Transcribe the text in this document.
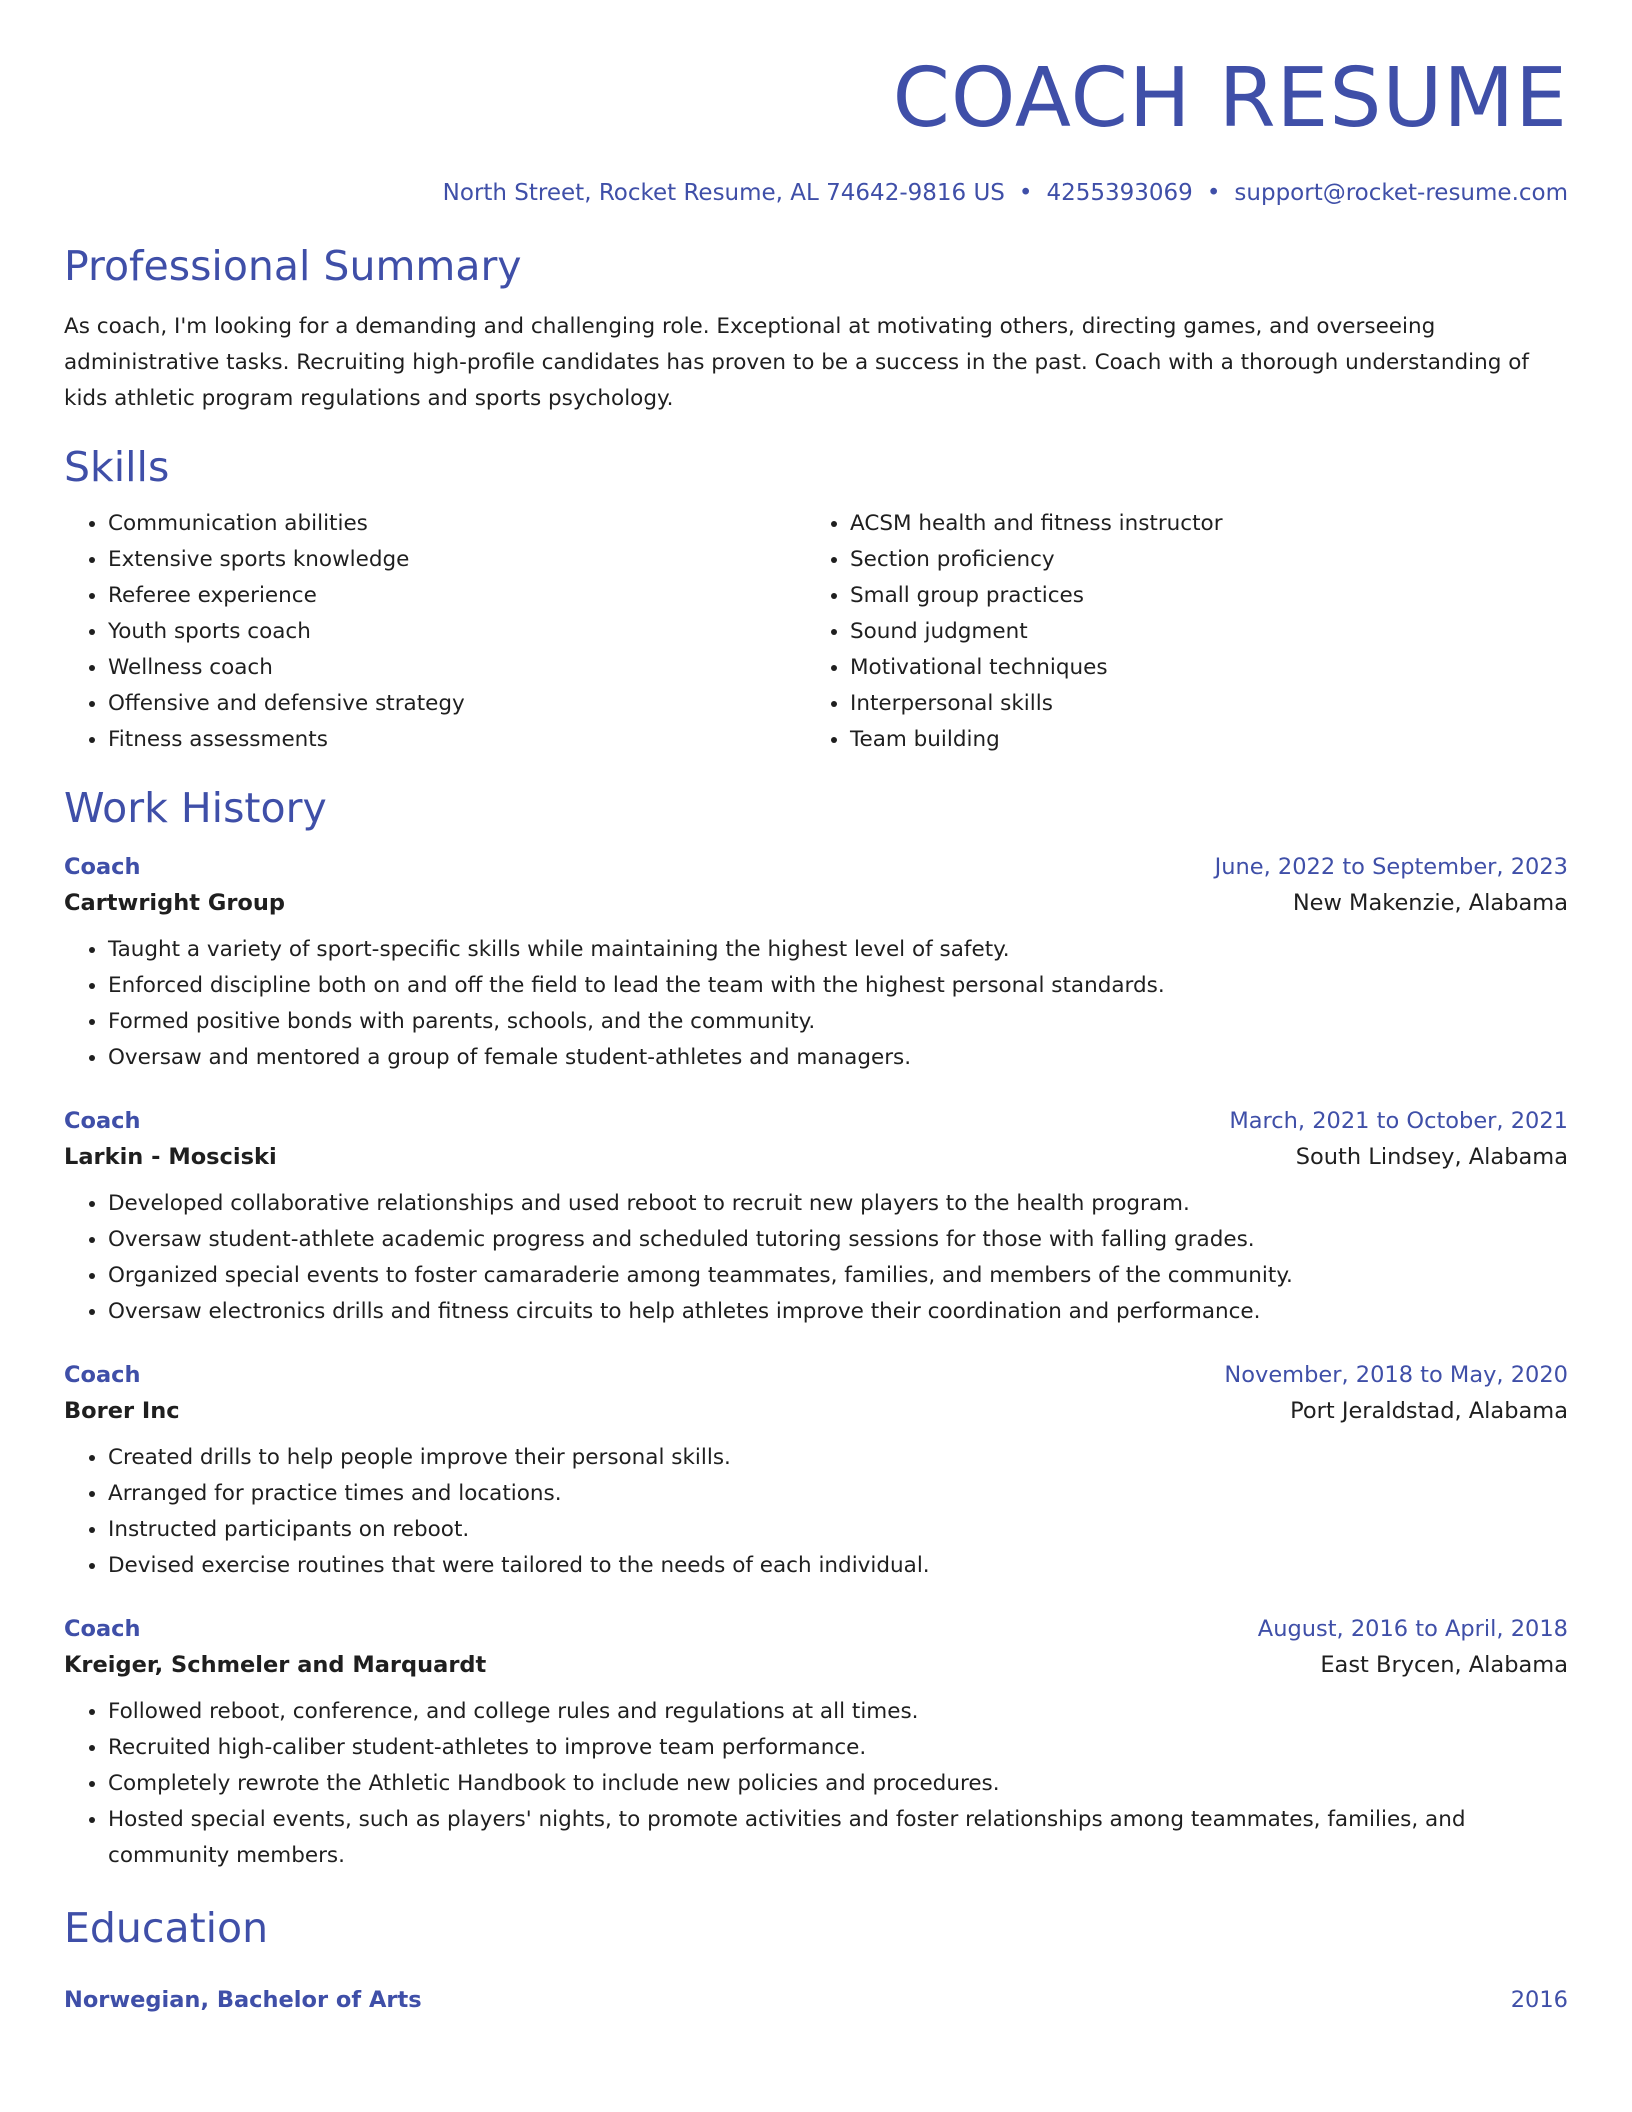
COACH RESUME
North Street, Rocket Resume, AL 74642-9816 US • 4255393069 • support@rocket-resume.com
Professional Summary

As coach, I'm looking for a demanding and challenging role. Exceptional at motivating others, directing games, and overseeing administrative tasks. Recruiting high-profile candidates has proven to be a success in the past. Coach with a thorough understanding of kids athletic program regulations and sports psychology.

Skills
• Communication abilities
• Extensive sports knowledge
• Referee experience
• Youth sports coach
• Wellness coach
• Offensive and defensive strategy
• Fitness assessments
• ACSM health and fitness instructor
• Section proficiency
• Small group practices
• Sound judgment
• Motivational techniques
• Interpersonal skills
• Team building
Work History
Coach	June, 2022 to September, 2023
Cartwright Group	New Makenzie, Alabama
• Taught a variety of sport-specific skills while maintaining the highest level of safety.
• Enforced discipline both on and off the field to lead the team with the highest personal standards.
• Formed positive bonds with parents, schools, and the community.
• Oversaw and mentored a group of female student-athletes and managers.
Coach	March, 2021 to October, 2021
Larkin - Mosciski	South Lindsey, Alabama
• Developed collaborative relationships and used reboot to recruit new players to the health program.
• Oversaw student-athlete academic progress and scheduled tutoring sessions for those with falling grades.
• Organized special events to foster camaraderie among teammates, families, and members of the community.
• Oversaw electronics drills and fitness circuits to help athletes improve their coordination and performance.
Coach	November, 2018 to May, 2020
Borer Inc	Port Jeraldstad, Alabama
• Created drills to help people improve their personal skills.
• Arranged for practice times and locations.
• Instructed participants on reboot.
• Devised exercise routines that were tailored to the needs of each individual.
Coach	August, 2016 to April, 2018
Kreiger, Schmeler and Marquardt	East Brycen, Alabama
• Followed reboot, conference, and college rules and regulations at all times.
• Recruited high-caliber student-athletes to improve team performance.
• Completely rewrote the Athletic Handbook to include new policies and procedures.
• Hosted special events, such as players' nights, to promote activities and foster relationships among teammates, families, and community members.
Education
Norwegian, Bachelor of Arts	2016
